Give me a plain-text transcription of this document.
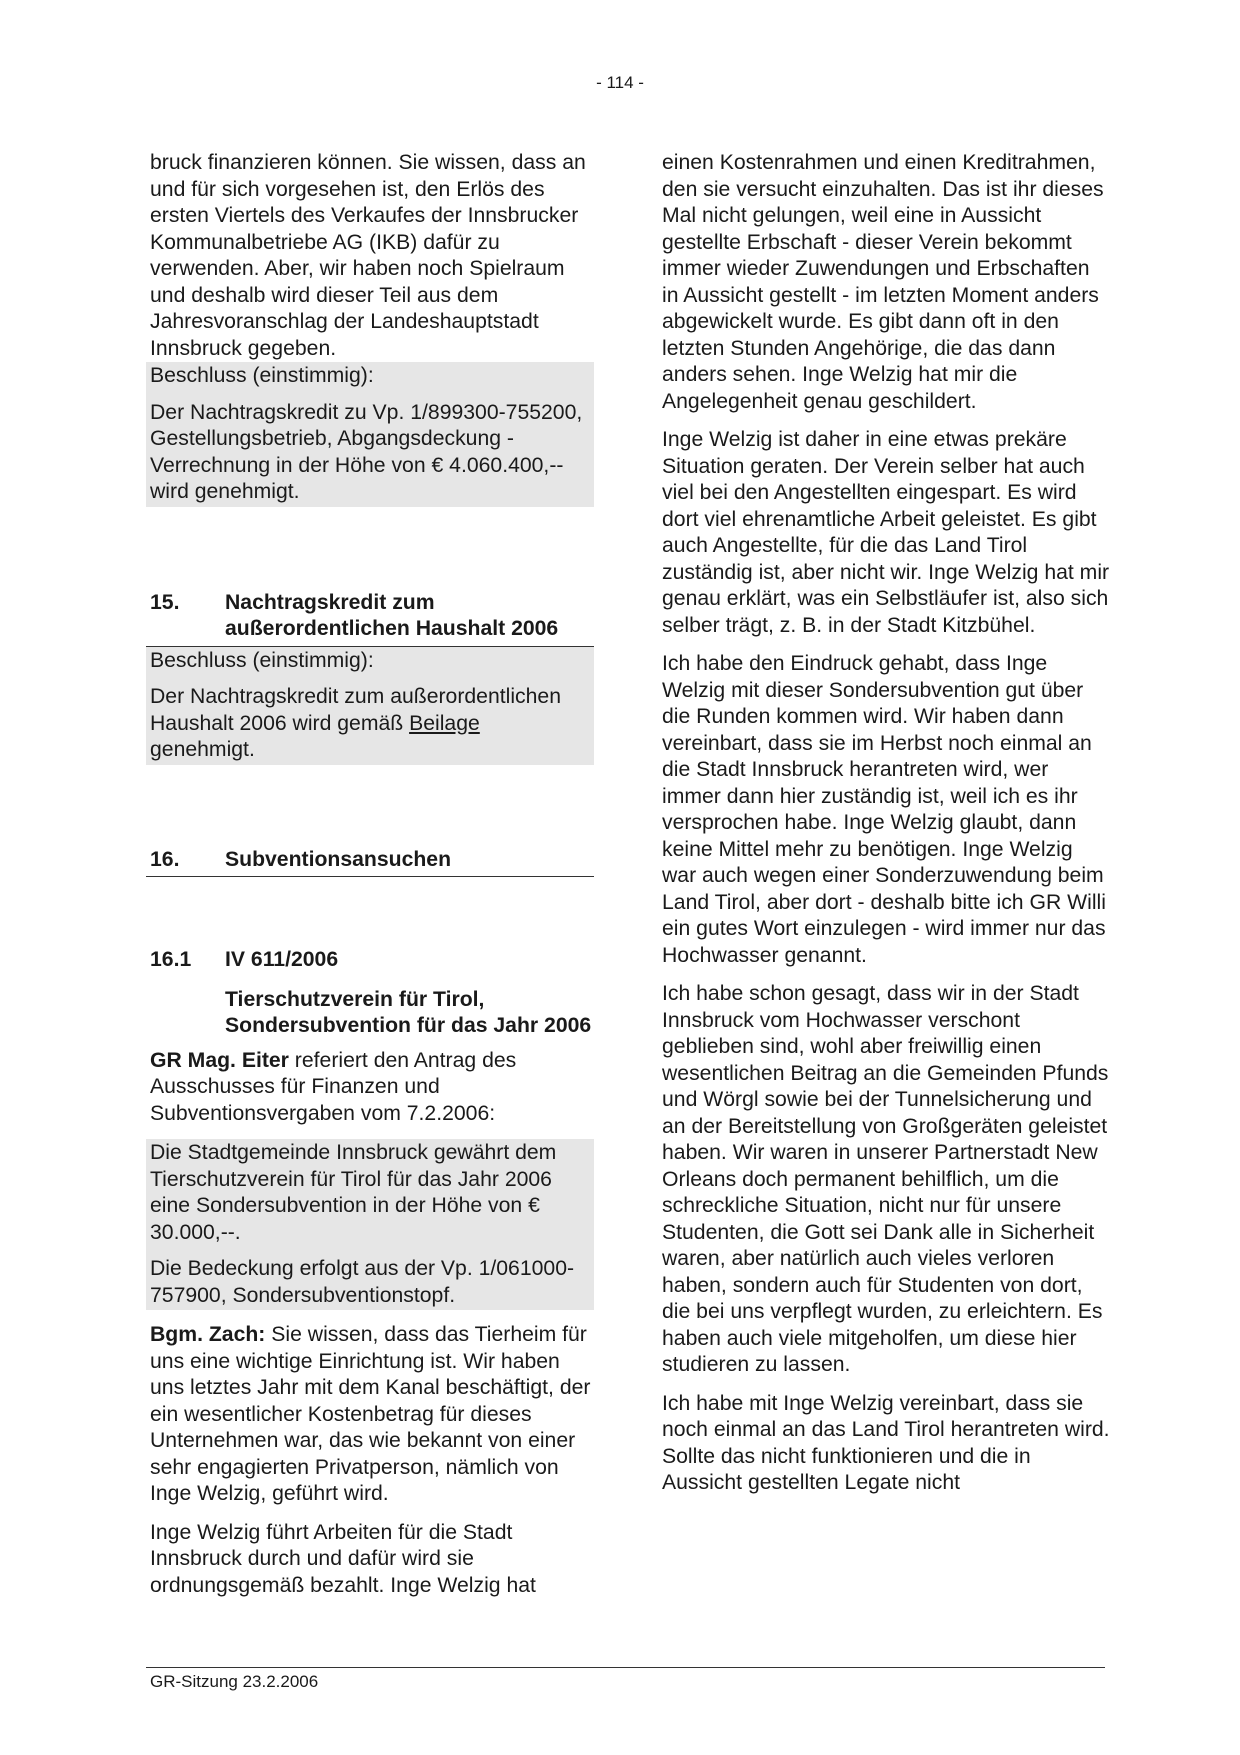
- 114 -

bruck finanzieren können. Sie wissen, dass an und für sich vorgesehen ist, den Erlös des ersten Viertels des Verkaufes der Innsbrucker Kommunalbetriebe AG (IKB) dafür zu verwenden. Aber, wir haben noch Spielraum und deshalb wird dieser Teil aus dem Jahresvoranschlag der Landeshauptstadt Innsbruck gegeben.

Beschluss (einstimmig):

Der Nachtragskredit zu Vp. 1/899300-755200, Gestellungsbetrieb, Abgangsdeckung - Verrechnung in der Höhe von € 4.060.400,-- wird genehmigt.

15.	Nachtragskredit zum außerordentlichen Haushalt 2006

Beschluss (einstimmig):

Der Nachtragskredit zum außerordentlichen Haushalt 2006 wird gemäß Beilage genehmigt.

16.	Subventionsansuchen
16.1	IV 611/2006

Tierschutzverein für Tirol, Sondersubvention für das Jahr 2006

GR Mag. Eiter referiert den Antrag des Ausschusses für Finanzen und Subventionsvergaben vom 7.2.2006:

Die Stadtgemeinde Innsbruck gewährt dem Tierschutzverein für Tirol für das Jahr 2006 eine Sondersubvention in der Höhe von € 30.000,--.

Die Bedeckung erfolgt aus der Vp. 1/061000-757900, Sondersubventionstopf.

Bgm. Zach: Sie wissen, dass das Tierheim für uns eine wichtige Einrichtung ist. Wir haben uns letztes Jahr mit dem Kanal beschäftigt, der ein wesentlicher Kostenbetrag für dieses Unternehmen war, das wie bekannt von einer sehr engagierten Privatperson, nämlich von Inge Welzig, geführt wird.

Inge Welzig führt Arbeiten für die Stadt Innsbruck durch und dafür wird sie ordnungsgemäß bezahlt. Inge Welzig hat

einen Kostenrahmen und einen Kreditrahmen, den sie versucht einzuhalten. Das ist ihr dieses Mal nicht gelungen, weil eine in Aussicht gestellte Erbschaft - dieser Verein bekommt immer wieder Zuwendungen und Erbschaften in Aussicht gestellt - im letzten Moment anders abgewickelt wurde. Es gibt dann oft in den letzten Stunden Angehörige, die das dann anders sehen. Inge Welzig hat mir die Angelegenheit genau geschildert.

Inge Welzig ist daher in eine etwas prekäre Situation geraten. Der Verein selber hat auch viel bei den Angestellten eingespart. Es wird dort viel ehrenamtliche Arbeit geleistet. Es gibt auch Angestellte, für die das Land Tirol zuständig ist, aber nicht wir. Inge Welzig hat mir genau erklärt, was ein Selbstläufer ist, also sich selber trägt, z. B. in der Stadt Kitzbühel.

Ich habe den Eindruck gehabt, dass Inge Welzig mit dieser Sondersubvention gut über die Runden kommen wird. Wir haben dann vereinbart, dass sie im Herbst noch einmal an die Stadt Innsbruck herantreten wird, wer immer dann hier zuständig ist, weil ich es ihr versprochen habe. Inge Welzig glaubt, dann keine Mittel mehr zu benötigen. Inge Welzig war auch wegen einer Sonderzuwendung beim Land Tirol, aber dort - deshalb bitte ich GR Willi ein gutes Wort einzulegen - wird immer nur das Hochwasser genannt.

Ich habe schon gesagt, dass wir in der Stadt Innsbruck vom Hochwasser verschont geblieben sind, wohl aber freiwillig einen wesentlichen Beitrag an die Gemeinden Pfunds und Wörgl sowie bei der Tunnelsicherung und an der Bereitstellung von Großgeräten geleistet haben. Wir waren in unserer Partnerstadt New Orleans doch permanent behilflich, um die schreckliche Situation, nicht nur für unsere Studenten, die Gott sei Dank alle in Sicherheit waren, aber natürlich auch vieles verloren haben, sondern auch für Studenten von dort, die bei uns verpflegt wurden, zu erleichtern. Es haben auch viele mitgeholfen, um diese hier studieren zu lassen.

Ich habe mit Inge Welzig vereinbart, dass sie noch einmal an das Land Tirol herantreten wird. Sollte das nicht funktionieren und die in Aussicht gestellten Legate nicht

GR-Sitzung 23.2.2006
